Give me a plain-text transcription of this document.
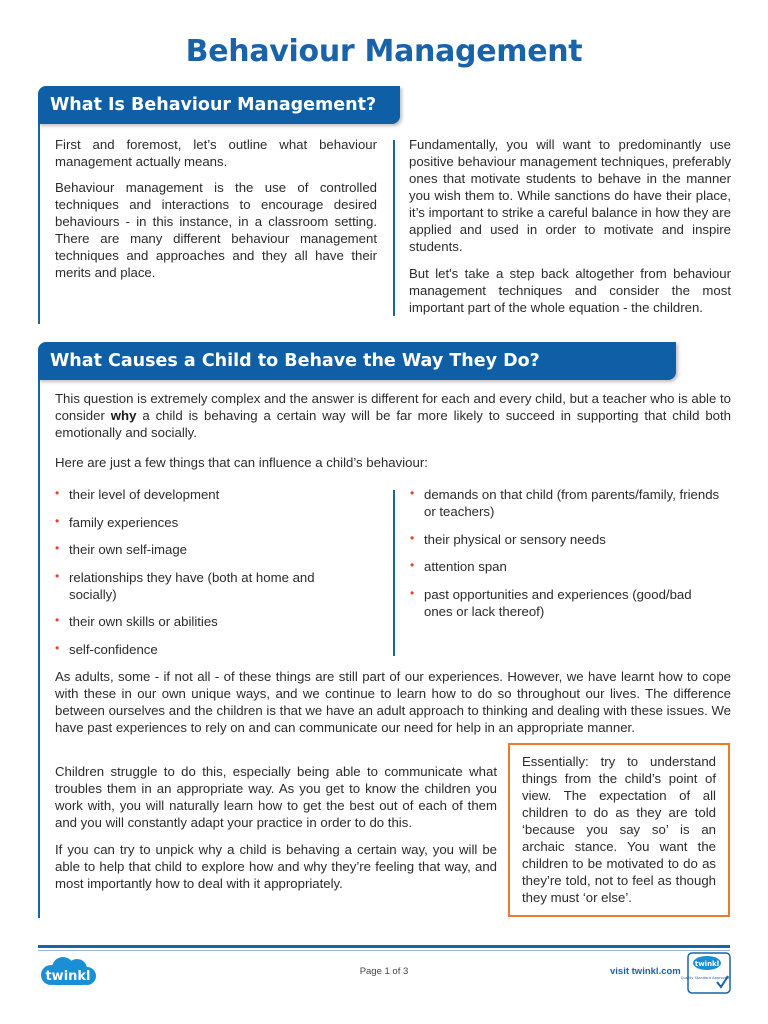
Behaviour Management
What Is Behaviour Management?

First and foremost, let’s outline what behaviour management actually means.

Behaviour management is the use of controlled techniques and interactions to encourage desired behaviours - in this instance, in a classroom setting. There are many different behaviour management techniques and approaches and they all have their merits and place.

Fundamentally, you will want to predominantly use positive behaviour management techniques, preferably ones that motivate students to behave in the manner you wish them to. While sanctions do have their place, it’s important to strike a careful balance in how they are applied and used in order to motivate and inspire students.

But let's take a step back altogether from behaviour management techniques and consider the most important part of the whole equation - the children.

What Causes a Child to Behave the Way They Do?

This question is extremely complex and the answer is different for each and every child, but a teacher who is able to consider why a child is behaving a certain way will be far more likely to succeed in supporting that child both emotionally and socially.

Here are just a few things that can influence a child’s behaviour:

• their level of development
• family experiences
• their own self-image
• relationships they have (both at home and socially)
• their own skills or abilities
• self-confidence
• demands on that child (from parents/family, friends or teachers)
• their physical or sensory needs
• attention span
• past opportunities and experiences (good/bad ones or lack thereof)

As adults, some - if not all - of these things are still part of our experiences. However, we have learnt how to cope with these in our own unique ways, and we continue to learn how to do so throughout our lives. The difference between ourselves and the children is that we have an adult approach to thinking and dealing with these issues. We have past experiences to rely on and can communicate our need for help in an appropriate manner.

Children struggle to do this, especially being able to communicate what troubles them in an appropriate way. As you get to know the children you work with, you will naturally learn how to get the best out of each of them and you will constantly adapt your practice in order to do this.

If you can try to unpick why a child is behaving a certain way, you will be able to help that child to explore how and why they’re feeling that way, and most importantly how to deal with it appropriately.

Essentially: try to understand things from the child’s point of view. The expectation of all children to do as they are told ‘because you say so’ is an archaic stance. You want the children to be motivated to do as they’re told, not to feel as though they must ‘or else’.
twinkl	Page 1 of 3	visit twinkl.com
twinkl
Quality Standard Approved
